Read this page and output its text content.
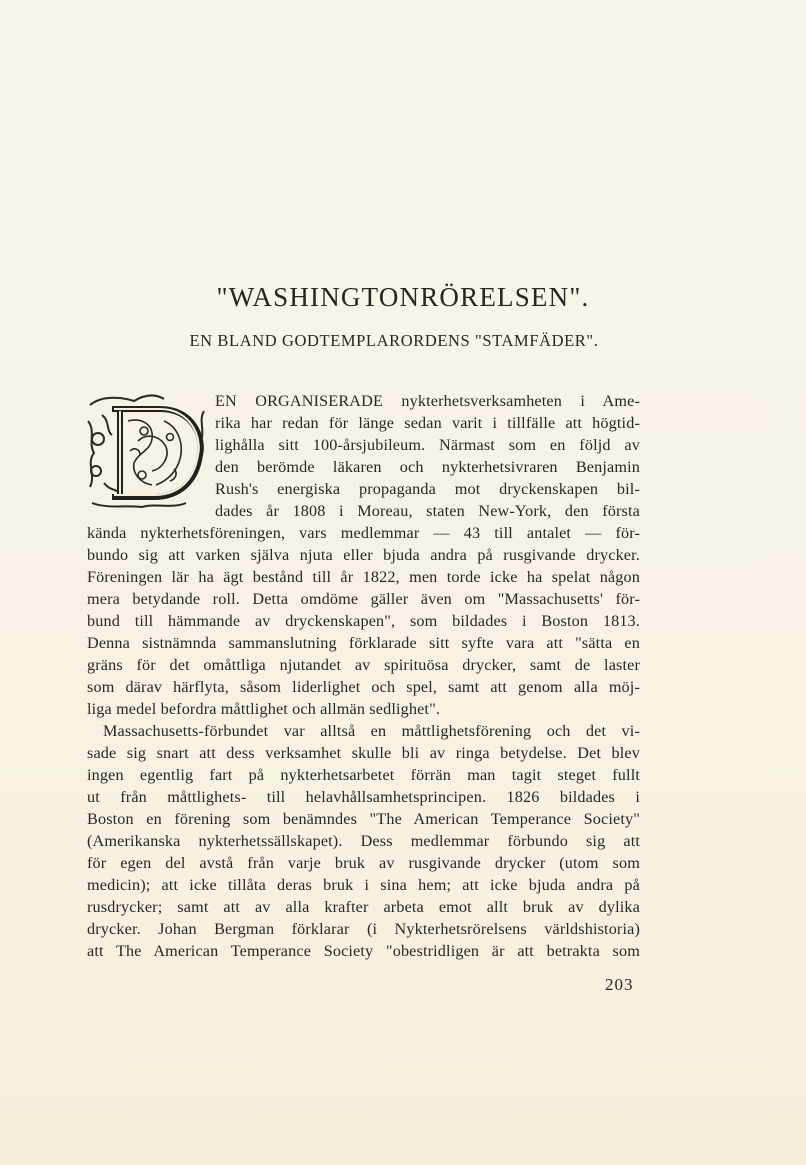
"WASHINGTONRÖRELSEN".
EN BLAND GODTEMPLARORDENS "STAMFÄDER".
EN ORGANISERADE nykterhetsverksamheten i Ame-
rika har redan för länge sedan varit i tillfälle att högtid-
lighålla sitt 100-årsjubileum. Närmast som en följd av
den berömde läkaren och nykterhetsivraren Benjamin
Rush's energiska propaganda mot dryckenskapen bil-
dades år 1808 i Moreau, staten New-York, den första
kända nykterhetsföreningen, vars medlemmar — 43 till antalet — för-
bundo sig att varken själva njuta eller bjuda andra på rusgivande drycker.
Föreningen lär ha ägt bestånd till år 1822, men torde icke ha spelat någon
mera betydande roll. Detta omdöme gäller även om "Massachusetts' för-
bund till hämmande av dryckenskapen", som bildades i Boston 1813.
Denna sistnämnda sammanslutning förklarade sitt syfte vara att "sätta en
gräns för det omåttliga njutandet av spirituösa drycker, samt de laster
som därav härflyta, såsom liderlighet och spel, samt att genom alla möj-
liga medel befordra måttlighet och allmän sedlighet".
Massachusetts-förbundet var alltså en måttlighetsförening och det vi-
sade sig snart att dess verksamhet skulle bli av ringa betydelse. Det blev
ingen egentlig fart på nykterhetsarbetet förrän man tagit steget fullt
ut från måttlighets- till helavhållsamhetsprincipen. 1826 bildades i
Boston en förening som benämndes "The American Temperance Society"
(Amerikanska nykterhetssällskapet). Dess medlemmar förbundo sig att
för egen del avstå från varje bruk av rusgivande drycker (utom som
medicin); att icke tillåta deras bruk i sina hem; att icke bjuda andra på
rusdrycker; samt att av alla krafter arbeta emot allt bruk av dylika
drycker. Johan Bergman förklarar (i Nykterhetsrörelsens världshistoria)
att The American Temperance Society "obestridligen är att betrakta som
203
